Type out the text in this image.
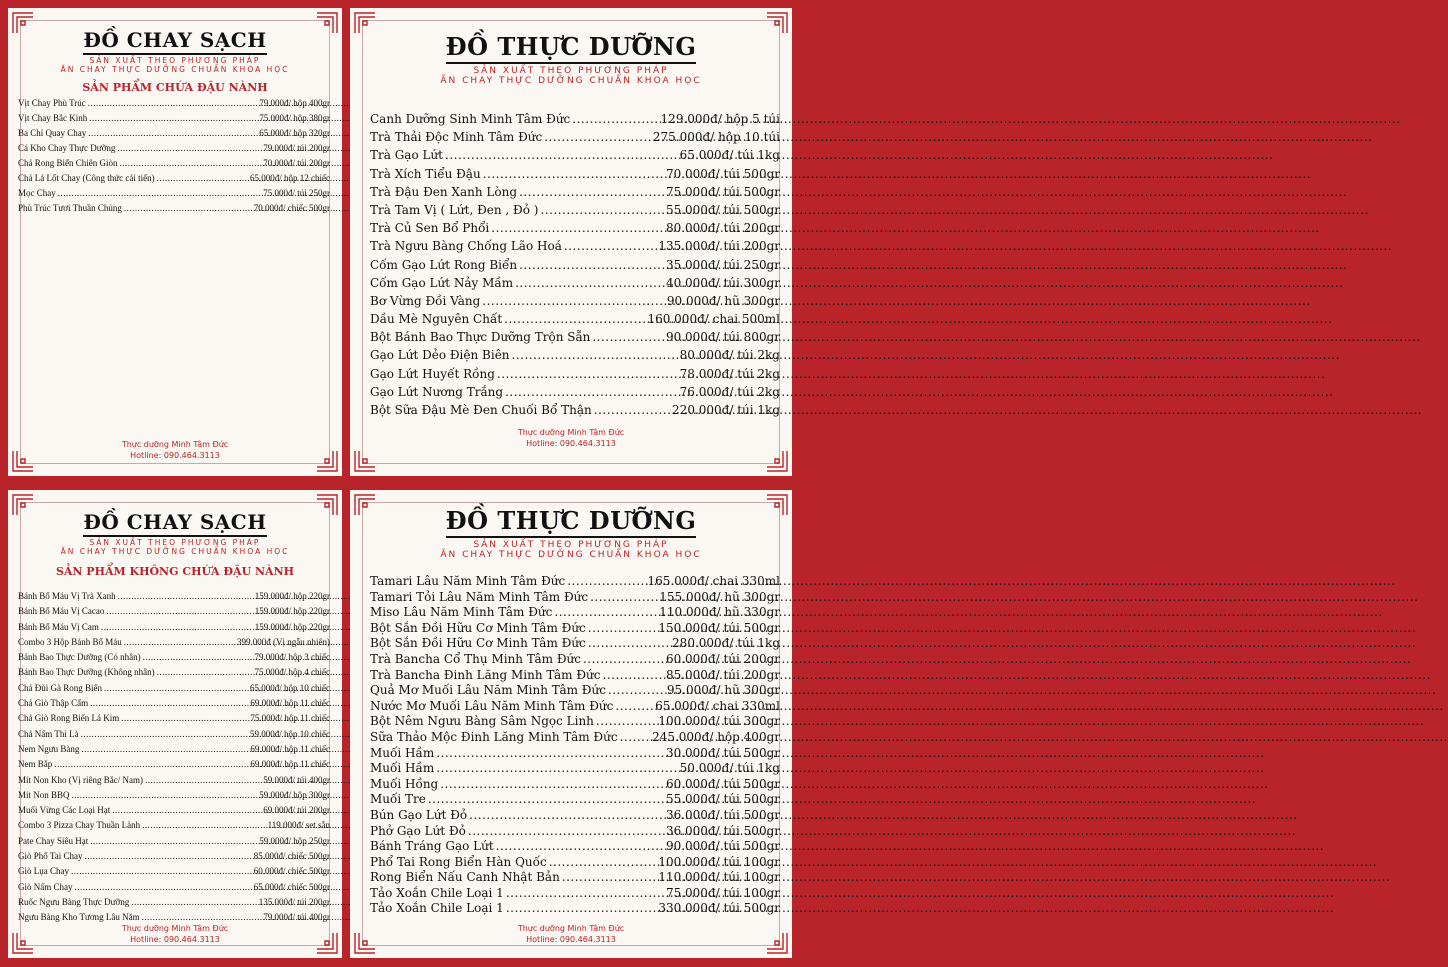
ĐỒ CHAY SẠCH
SẢN XUẤT THEO PHƯƠNG PHÁP
ĂN CHAY THỰC DƯỠNG CHUẨN KHOA HỌC
SẢN PHẨM CHỨA ĐẬU NÀNH
Vịt Chay Phù Trúc .....	79.000đ/ hộp 400gr
Vịt Chay Bắc Kinh .....	75.000đ/ hộp 380gr
Ba Chỉ Quay Chay .....	65.000đ/ hộp 320gr
Cá Kho Chay Thực Dưỡng .....	79.000đ/ túi 200gr
Chả Rong Biển Chiên Giòn .....	70.000đ/ túi 200gr
Chả Lá Lốt Chay (Công thức cải tiến) .....	65.000đ/ hộp 12 chiếc
Mọc Chay .....	75.000đ/ túi 250gr
Phù Trúc Tươi Thuần Chủng .....	70.000đ/ chiếc 500gr
Thực dưỡng Minh Tâm Đức
Hotline: 090.464.3113
ĐỒ THỰC DƯỠNG
SẢN XUẤT THEO PHƯƠNG PHÁP
ĂN CHAY THỰC DƯỠNG CHUẨN KHOA HỌC
Canh Dưỡng Sinh Minh Tâm Đức .....	129.000đ/ hộp 5 túi
Trà Thải Độc Minh Tâm Đức .....	275.000đ/ hộp 10 túi
Trà Gạo Lứt .....	65.000đ/ túi 1kg
Trà Xích Tiểu Đậu .....	70.000đ/ túi 500gr
Trà Đậu Đen Xanh Lòng .....	75.000đ/ túi 500gr
Trà Tam Vị ( Lứt, Đen , Đỏ ) .....	55.000đ/ túi 500gr
Trà Củ Sen Bổ Phổi .....	80.000đ/ túi 200gr
Trà Ngưu Bàng Chống Lão Hoá .....	135.000đ/ túi 200gr
Cốm Gạo Lứt Rong Biển .....	35.000đ/ túi 250gr
Cốm Gạo Lứt Nảy Mầm .....	40.000đ/ túi 300gr
Bơ Vừng Đồi Vàng .....	90.000đ/ hũ 300gr
Dầu Mè Nguyên Chất .....	160.000đ/ chai 500ml
Bột Bánh Bao Thực Dưỡng Trộn Sẵn .....	90.000đ/ túi 800gr
Gạo Lứt Dẻo Điện Biên .....	80.000đ/ túi 2kg
Gạo Lứt Huyết Rồng .....	78.000đ/ túi 2kg
Gạo Lứt Nương Trắng .....	76.000đ/ túi 2kg
Bột Sữa Đậu Mè Đen Chuối Bổ Thận .....	220.000đ/ túi 1kg
Thực dưỡng Minh Tâm Đức
Hotline: 090.464.3113
ĐỒ CHAY SẠCH
SẢN XUẤT THEO PHƯƠNG PHÁP
ĂN CHAY THỰC DƯỠNG CHUẨN KHOA HỌC
SẢN PHẨM KHÔNG CHỨA ĐẬU NÀNH
Bánh Bổ Máu Vị Trà Xanh .....	159.000đ/ hộp 220gr
Bánh Bổ Máu Vị Cacao .....	159.000đ/ hộp 220gr
Bánh Bổ Máu Vị Cam .....	159.000đ/ hộp 220gr
Combo 3 Hộp Bánh Bổ Máu .....	399.000đ (Vị ngẫu nhiên)
Bánh Bao Thực Dưỡng (Có nhân) .....	79.000đ/ hộp 3 chiếc
Bánh Bao Thực Dưỡng (Không nhân) .....	75.000đ/ hộp 4 chiếc
Chả Đùi Gà Rong Biển .....	65.000đ/ hộp 10 chiếc
Chả Giò Thập Cẩm .....	69.000đ/ hộp 11 chiếc
Chả Giò Rong Biển Lá Kim .....	75.000đ/ hộp 11 chiếc
Chả Nấm Thì Là .....	59.000đ/ hộp 10 chiếc
Nem Ngưu Bàng .....	69.000đ/ hộp 11 chiếc
Nem Bắp .....	69.000đ/ hộp 11 chiếc
Mít Non Kho (Vị riêng Bắc/ Nam) .....	59.000đ/ túi 400gr
Mít Non BBQ .....	59.000đ/ hộp 300gr
Muối Vừng Các Loại Hạt .....	69.000đ/ túi 200gr
Combo 3 Pizza Chay Thuần Lành .....	119.000đ/ set sẵn
Pate Chay Siêu Hạt .....	59.000đ/ hộp 250gr
Giò Phổ Tai Chay .....	85.000đ/ chiếc 500gr
Giò Lụa Chay .....	60.000đ/ chiếc 500gr
Giò Nấm Chay .....	65.000đ/ chiếc 500gr
Ruốc Ngưu Bàng Thực Dưỡng .....	135.000đ/ túi 200gr
Ngưu Bàng Kho Tương Lâu Năm .....	79.000đ/ túi 400gr
Thực dưỡng Minh Tâm Đức
Hotline: 090.464.3113
ĐỒ THỰC DƯỠNG
SẢN XUẤT THEO PHƯƠNG PHÁP
ĂN CHAY THỰC DƯỠNG CHUẨN KHOA HỌC
Tamari Lâu Năm Minh Tâm Đức .....	165.000đ/ chai 330ml
Tamari Tỏi Lâu Năm Minh Tâm Đức .....	155.000đ/ hũ 300gr
Miso Lâu Năm Minh Tâm Đức .....	110.000đ/ hũ 330gr
Bột Sắn Đồi Hữu Cơ Minh Tâm Đức .....	150.000đ/ túi 500gr
Bột Sắn Đồi Hữu Cơ Minh Tâm Đức .....	280.000đ/ túi 1kg
Trà Bancha Cổ Thụ Minh Tâm Đức .....	60.000đ/ túi 200gr
Trà Bancha Đinh Lăng Minh Tâm Đức .....	85.000đ/ túi 200gr
Quả Mơ Muối Lâu Năm Minh Tâm Đức .....	95.000đ/ hũ 300gr
Nước Mơ Muối Lâu Năm Minh Tâm Đức .....	65.000đ/ chai 330ml
Bột Nêm Ngưu Bàng Sâm Ngọc Linh .....	100.000đ/ túi 300gr
Sữa Thảo Mộc Đinh Lăng Minh Tâm Đức .....	245.000đ/ hộp 400gr
Muối Hầm .....	30.000đ/ túi 500gr
Muối Hầm .....	50.000đ/ túi 1kg
Muối Hồng .....	60.000đ/ túi 500gr
Muối Tre .....	55.000đ/ túi 500gr
Bún Gạo Lứt Đỏ .....	36.000đ/ túi 500gr
Phở Gạo Lứt Đỏ .....	36.000đ/ túi 500gr
Bánh Tráng Gạo Lứt .....	90.000đ/ túi 500gr
Phổ Tai Rong Biển Hàn Quốc .....	100.000đ/ túi 100gr
Rong Biển Nấu Canh Nhật Bản .....	110.000đ/ túi 100gr
Tảo Xoắn Chile Loại 1 .....	75.000đ/ túi 100gr
Tảo Xoắn Chile Loại 1 .....	330.000đ/ túi 500gr
Thực dưỡng Minh Tâm Đức
Hotline: 090.464.3113
